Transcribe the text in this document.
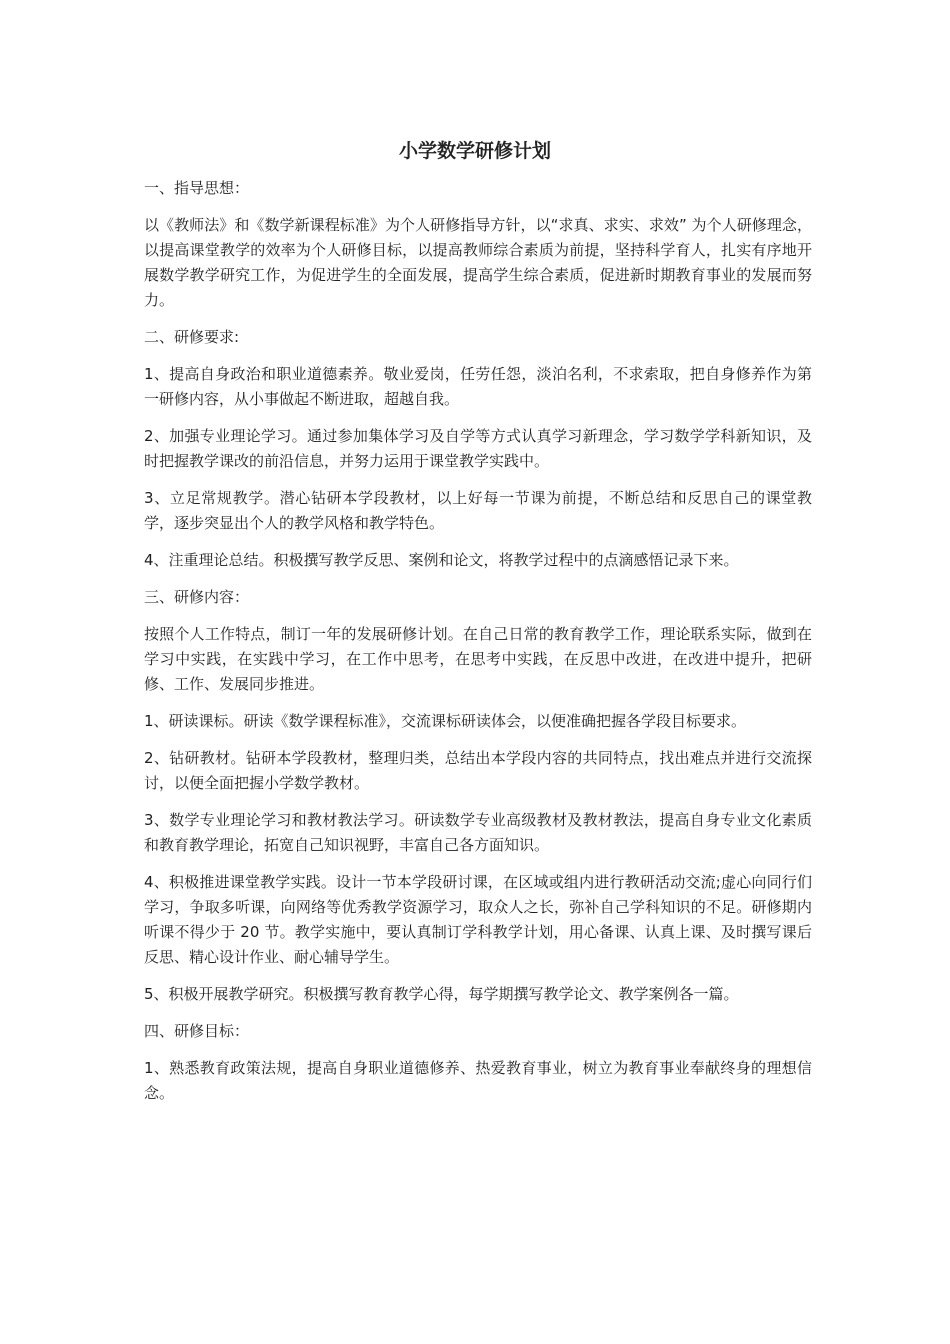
小学数学研修计划

一、指导思想：

以《教师法》和《数学新课程标准》为个人研修指导方针，以“求真、求实、求效” 为个人研修理念，以提高课堂教学的效率为个人研修目标，以提高教师综合素质为前提，坚持科学育人，扎实有序地开展数学教学研究工作，为促进学生的全面发展，提高学生综合素质，促进新时期教育事业的发展而努力。

二、研修要求:

1、提高自身政治和职业道德素养。敬业爱岗，任劳任怨，淡泊名利，不求索取，把自身修养作为第一研修内容，从小事做起不断进取，超越自我。

2、加强专业理论学习。通过参加集体学习及自学等方式认真学习新理念，学习数学学科新知识，及时把握教学课改的前沿信息，并努力运用于课堂教学实践中。

3、立足常规教学。潜心钻研本学段教材，以上好每一节课为前提，不断总结和反思自己的课堂教学，逐步突显出个人的教学风格和教学特色。

4、注重理论总结。积极撰写教学反思、案例和论文，将教学过程中的点滴感悟记录下来。

三、研修内容：

按照个人工作特点，制订一年的发展研修计划。在自己日常的教育教学工作，理论联系实际，做到在学习中实践，在实践中学习，在工作中思考，在思考中实践，在反思中改进，在改进中提升，把研修、工作、发展同步推进。

1、研读课标。研读《数学课程标准》，交流课标研读体会，以便准确把握各学段目标要求。

2、钻研教材。钻研本学段教材，整理归类，总结出本学段内容的共同特点，找出难点并进行交流探讨，以便全面把握小学数学教材。

3、数学专业理论学习和教材教法学习。研读数学专业高级教材及教材教法，提高自身专业文化素质和教育教学理论，拓宽自己知识视野，丰富自己各方面知识。

4、积极推进课堂教学实践。设计一节本学段研讨课，在区域或组内进行教研活动交流;虚心向同行们学习，争取多听课，向网络等优秀教学资源学习，取众人之长，弥补自己学科知识的不足。研修期内听课不得少于 20 节。教学实施中，要认真制订学科教学计划，用心备课、认真上课、及时撰写课后反思、精心设计作业、耐心辅导学生。

5、积极开展教学研究。积极撰写教育教学心得，每学期撰写教学论文、教学案例各一篇。

四、研修目标：

1、熟悉教育政策法规，提高自身职业道德修养、热爱教育事业，树立为教育事业奉献终身的理想信念。
